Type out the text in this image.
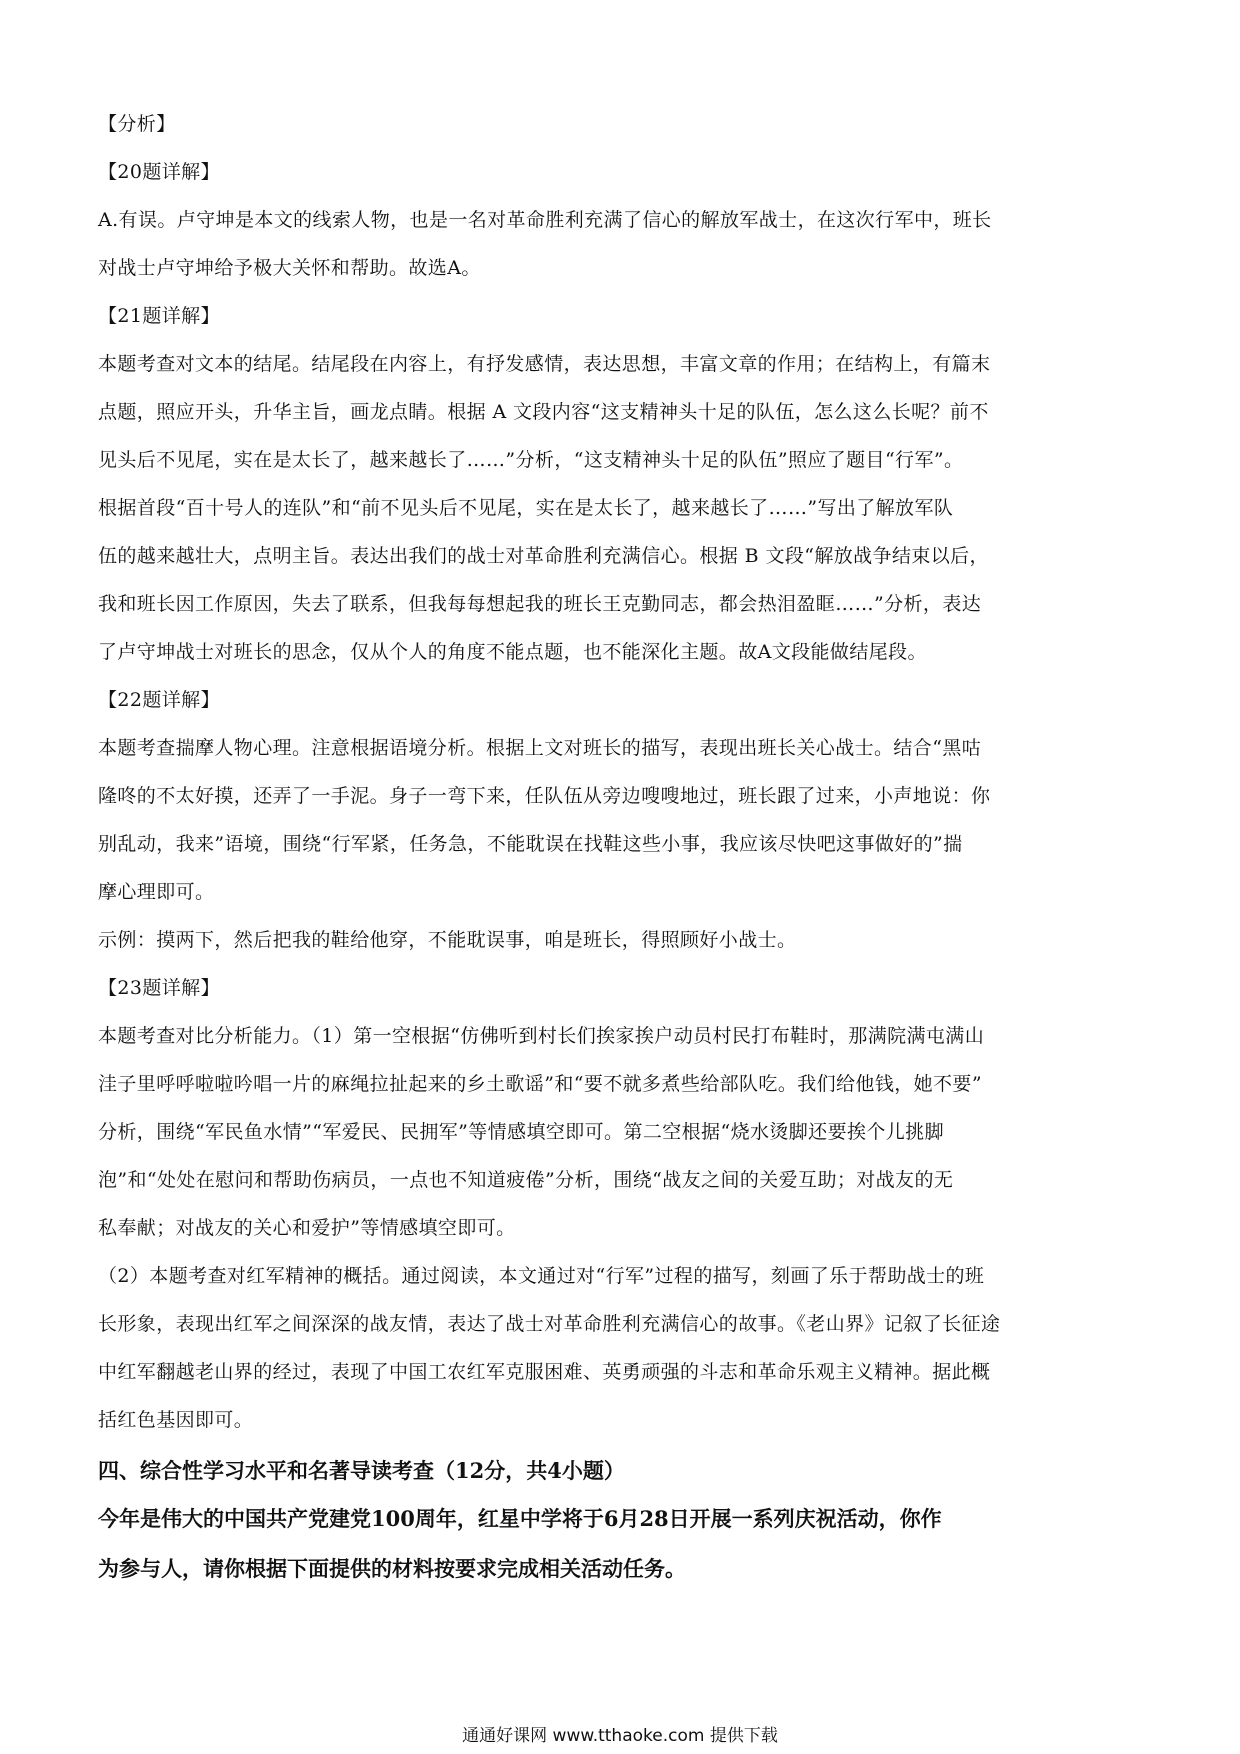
【分析】

【20题详解】

A.有误。卢守坤是本文的线索人物，也是一名对革命胜利充满了信心的解放军战士，在这次行军中，班长

对战士卢守坤给予极大关怀和帮助。故选A。

【21题详解】

本题考查对文本的结尾。结尾段在内容上，有抒发感情，表达思想，丰富文章的作用；在结构上，有篇末

点题，照应开头，升华主旨，画龙点睛。根据 A 文段内容“这支精神头十足的队伍，怎么这么长呢？前不

见头后不见尾，实在是太长了，越来越长了……”分析，“这支精神头十足的队伍”照应了题目“行军”。

根据首段“百十号人的连队”和“前不见头后不见尾，实在是太长了，越来越长了……”写出了解放军队

伍的越来越壮大，点明主旨。表达出我们的战士对革命胜利充满信心。根据 B 文段“解放战争结束以后，

我和班长因工作原因，失去了联系，但我每每想起我的班长王克勤同志，都会热泪盈眶……”分析，表达

了卢守坤战士对班长的思念，仅从个人的角度不能点题，也不能深化主题。故A文段能做结尾段。

【22题详解】

本题考查揣摩人物心理。注意根据语境分析。根据上文对班长的描写，表现出班长关心战士。结合“黑咕

隆咚的不太好摸，还弄了一手泥。身子一弯下来，任队伍从旁边嗖嗖地过，班长跟了过来，小声地说：你

别乱动，我来”语境，围绕“行军紧，任务急，不能耽误在找鞋这些小事，我应该尽快吧这事做好的”揣

摩心理即可。

示例：摸两下，然后把我的鞋给他穿，不能耽误事，咱是班长，得照顾好小战士。

【23题详解】

本题考查对比分析能力。（1）第一空根据“仿佛听到村长们挨家挨户动员村民打布鞋时，那满院满屯满山

洼子里呼呼啦啦吟唱一片的麻绳拉扯起来的乡土歌谣”和“要不就多煮些给部队吃。我们给他钱，她不要”

分析，围绕“军民鱼水情”“军爱民、民拥军”等情感填空即可。第二空根据“烧水烫脚还要挨个儿挑脚

泡”和“处处在慰问和帮助伤病员，一点也不知道疲倦”分析，围绕“战友之间的关爱互助；对战友的无

私奉献；对战友的关心和爱护”等情感填空即可。

（2）本题考查对红军精神的概括。通过阅读，本文通过对“行军”过程的描写，刻画了乐于帮助战士的班

长形象，表现出红军之间深深的战友情，表达了战士对革命胜利充满信心的故事。《老山界》记叙了长征途

中红军翻越老山界的经过，表现了中国工农红军克服困难、英勇顽强的斗志和革命乐观主义精神。据此概

括红色基因即可。

四、综合性学习水平和名著导读考查（12分，共4小题）

今年是伟大的中国共产党建党100周年，红星中学将于6月28日开展一系列庆祝活动，你作

为参与人，请你根据下面提供的材料按要求完成相关活动任务。

通通好课网 www.tthaoke.com 提供下载
